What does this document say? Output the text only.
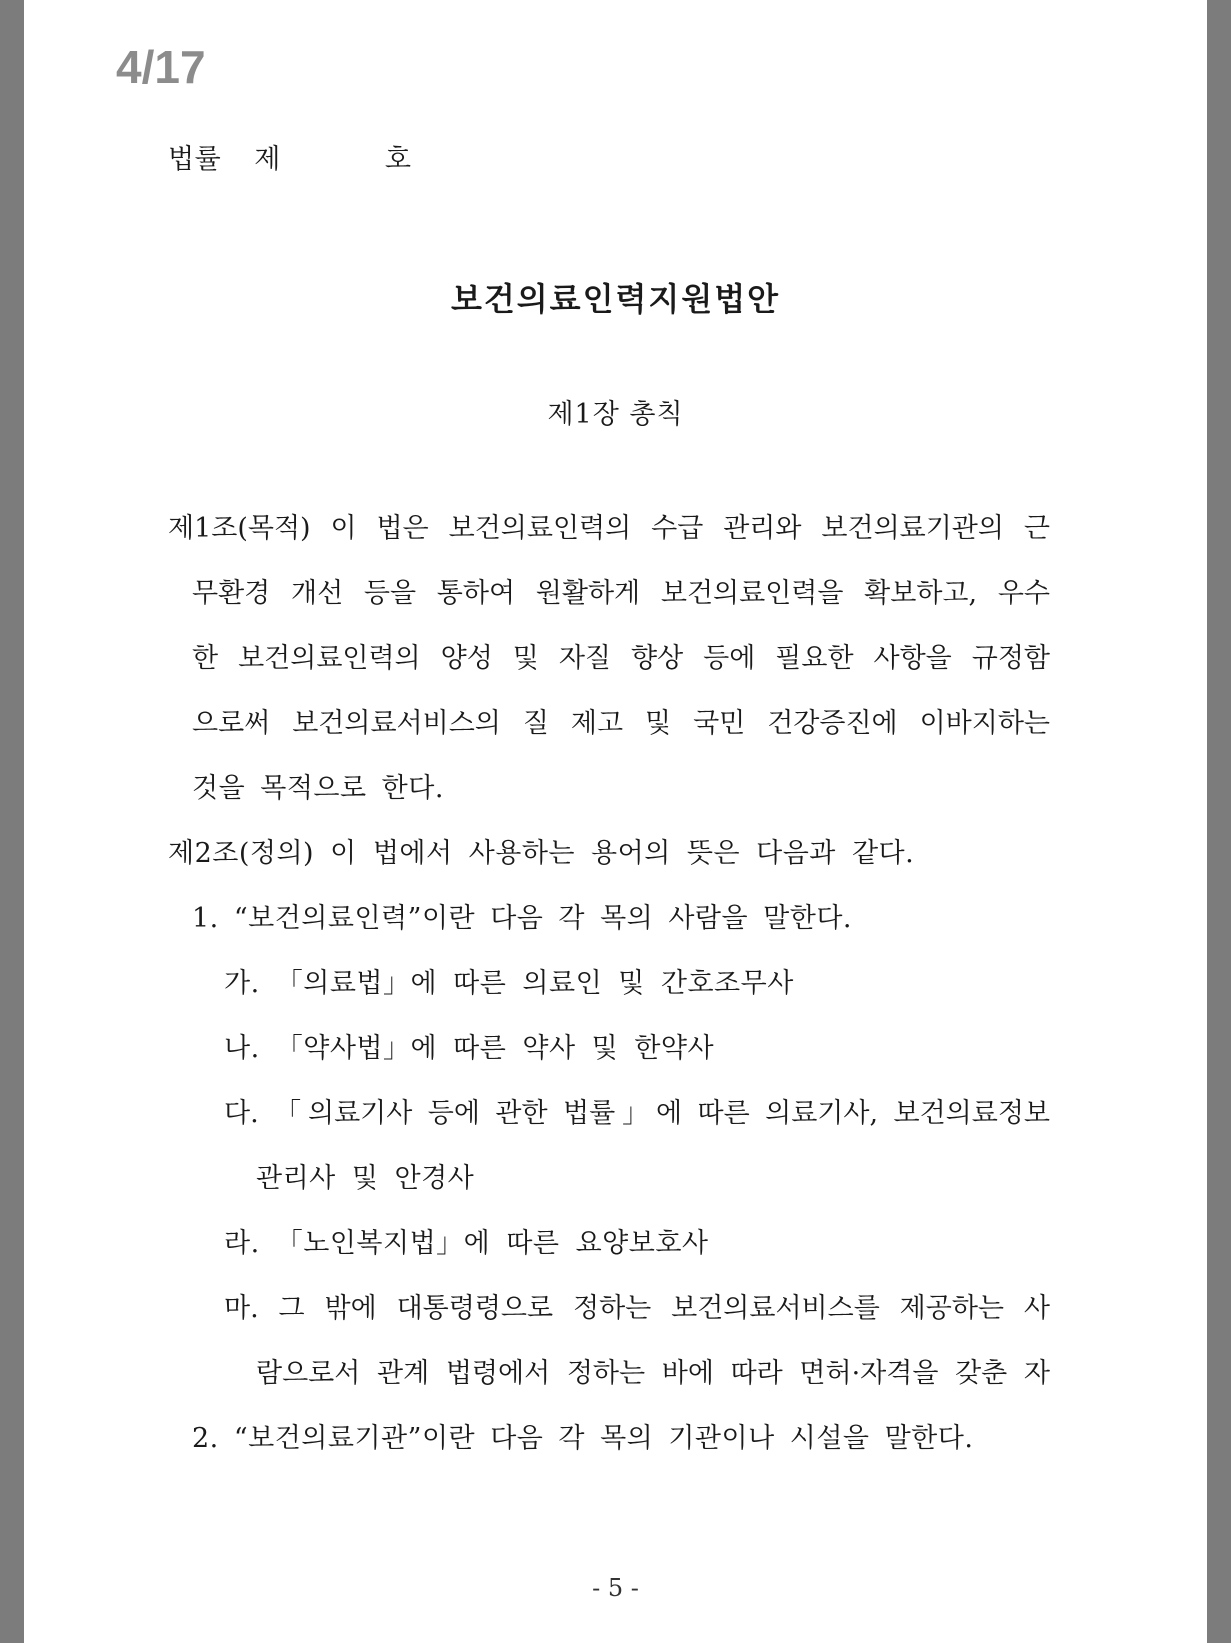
4/17
법률 제	호
보건의료인력지원법안
제1장 총칙
제1조(목적) 이 법은 보건의료인력의 수급 관리와 보건의료기관의 근
무환경 개선 등을 통하여 원활하게 보건의료인력을 확보하고, 우수
한 보건의료인력의 양성 및 자질 향상 등에 필요한 사항을 규정함
으로써 보건의료서비스의 질 제고 및 국민 건강증진에 이바지하는
것을 목적으로 한다.
제2조(정의) 이 법에서 사용하는 용어의 뜻은 다음과 같다.
1. “보건의료인력”이란 다음 각 목의 사람을 말한다.
가. 「의료법」에 따른 의료인 및 간호조무사
나. 「약사법」에 따른 약사 및 한약사
다. 「의료기사 등에 관한 법률」에 따른 의료기사, 보건의료정보
관리사 및 안경사
라. 「노인복지법」에 따른 요양보호사
마. 그 밖에 대통령령으로 정하는 보건의료서비스를 제공하는 사
람으로서 관계 법령에서 정하는 바에 따라 면허·자격을 갖춘 자
2. “보건의료기관”이란 다음 각 목의 기관이나 시설을 말한다.
- 5 -
